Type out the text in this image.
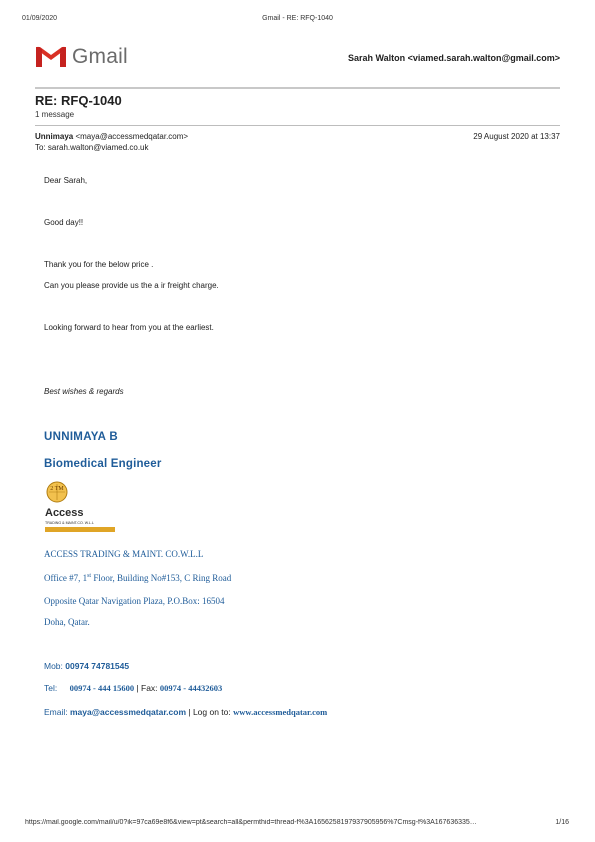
01/09/2020	Gmail - RE: RFQ-1040
Gmail	Sarah Walton <viamed.sarah.walton@gmail.com>
RE: RFQ-1040
1 message
Unnimaya <maya@accessmedqatar.com>	29 August 2020 at 13:37
To: sarah.walton@viamed.co.uk
Dear Sarah,
Good day!!
Thank you for the below price .
Can you please provide us the a ir freight charge.
Looking forward to hear from you at the earliest.
Best wishes & regards
UNNIMAYA B
Biomedical Engineer
2 TM
Access
TRADING & MAINT.CO. W.L.L
ACCESS TRADING & MAINT. CO.W.L.L
Office #7, 1st Floor, Building No#153, C Ring Road
Opposite Qatar Navigation Plaza, P.O.Box: 16504
Doha, Qatar.
Mob: 00974 74781545
Tel: 00974 - 444 15600 | Fax: 00974 - 44432603
Email: maya@accessmedqatar.com | Log on to: www.accessmedqatar.com
https://mail.google.com/mail/u/0?ik=97ca69e8f6&view=pt&search=all&permthid=thread-f%3A1656258197937905956%7Cmsg-f%3A167636335…	1/16
